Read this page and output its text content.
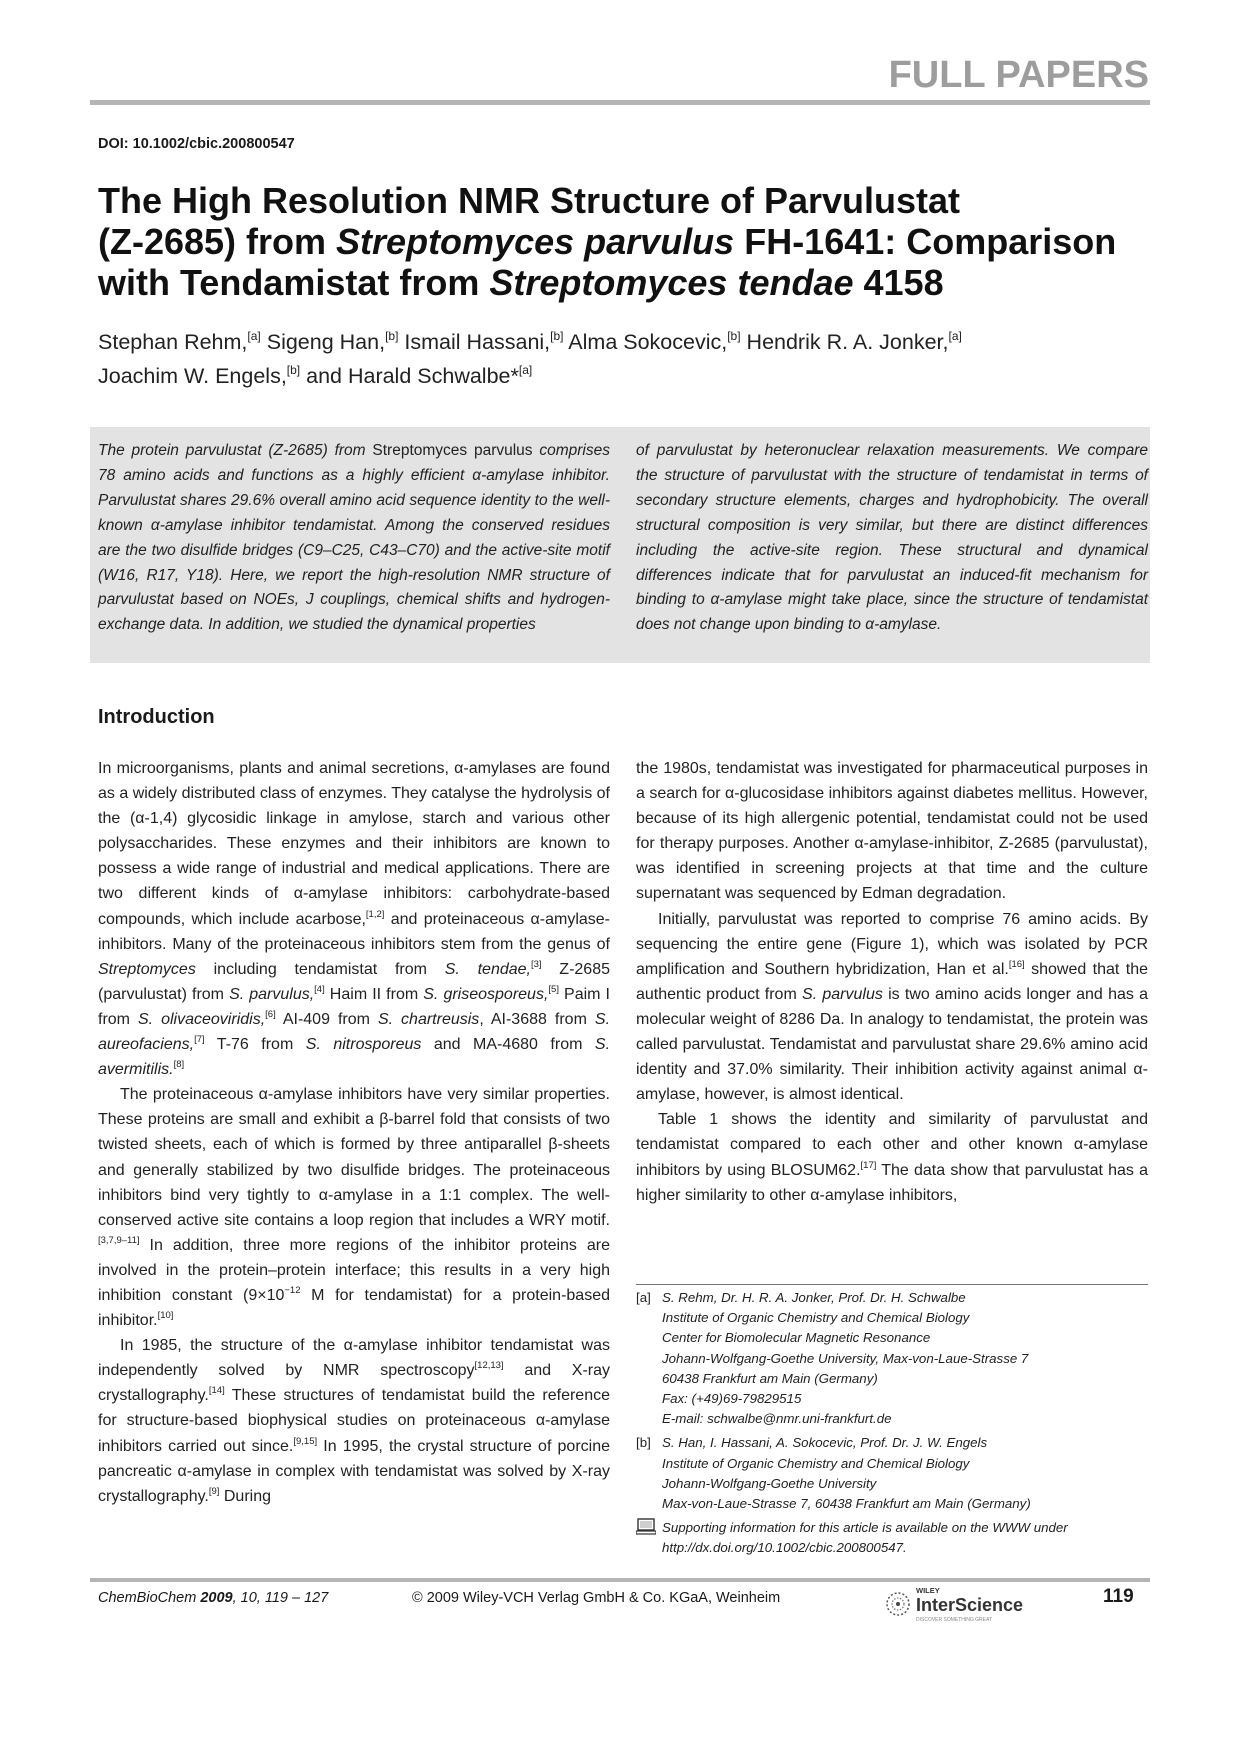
FULL PAPERS
DOI: 10.1002/cbic.200800547
The High Resolution NMR Structure of Parvulustat
(Z-2685) from Streptomyces parvulus FH-1641: Comparison
with Tendamistat from Streptomyces tendae 4158
Stephan Rehm,[a] Sigeng Han,[b] Ismail Hassani,[b] Alma Sokocevic,[b] Hendrik R. A. Jonker,[a]
Joachim W. Engels,[b] and Harald Schwalbe*[a]
The protein parvulustat (Z-2685) from Streptomyces parvulus comprises 78 amino acids and functions as a highly efficient α-amylase inhibitor. Parvulustat shares 29.6% overall amino acid sequence identity to the well-known α-amylase inhibitor tendamistat. Among the conserved residues are the two disulfide bridges (C9–C25, C43–C70) and the active-site motif (W16, R17, Y18). Here, we report the high-resolution NMR structure of parvulustat based on NOEs, J couplings, chemical shifts and hydrogen-exchange data. In addition, we studied the dynamical properties
of parvulustat by heteronuclear relaxation measurements. We compare the structure of parvulustat with the structure of tendamistat in terms of secondary structure elements, charges and hydrophobicity. The overall structural composition is very similar, but there are distinct differences including the active-site region. These structural and dynamical differences indicate that for parvulustat an induced-fit mechanism for binding to α-amylase might take place, since the structure of tendamistat does not change upon binding to α-amylase.
Introduction

In microorganisms, plants and animal secretions, α-amylases are found as a widely distributed class of enzymes. They catalyse the hydrolysis of the (α-1,4) glycosidic linkage in amylose, starch and various other polysaccharides. These enzymes and their inhibitors are known to possess a wide range of industrial and medical applications. There are two different kinds of α-amylase inhibitors: carbohydrate-based compounds, which include acarbose,[1,2] and proteinaceous α-amylase-inhibitors. Many of the proteinaceous inhibitors stem from the genus of Streptomyces including tendamistat from S. tendae,[3] Z-2685 (parvulustat) from S. parvulus,[4] Haim II from S. griseosporeus,[5] Paim I from S. olivaceoviridis,[6] AI-409 from S. chartreusis, AI-3688 from S. aureofaciens,[7] T-76 from S. nitrosporeus and MA-4680 from S. avermitilis.[8]

The proteinaceous α-amylase inhibitors have very similar properties. These proteins are small and exhibit a β-barrel fold that consists of two twisted sheets, each of which is formed by three antiparallel β-sheets and generally stabilized by two disulfide bridges. The proteinaceous inhibitors bind very tightly to α-amylase in a 1:1 complex. The well-conserved active site contains a loop region that includes a WRY motif.[3,7,9–11] In addition, three more regions of the inhibitor proteins are involved in the protein–protein interface; this results in a very high inhibition constant ($9\times 10^{-12}$ M for tendamistat) for a protein-based inhibitor.[10]

In 1985, the structure of the α-amylase inhibitor tendamistat was independently solved by NMR spectroscopy[12,13] and X-ray crystallography.[14] These structures of tendamistat build the reference for structure-based biophysical studies on proteinaceous α-amylase inhibitors carried out since.[9,15] In 1995, the crystal structure of porcine pancreatic α-amylase in complex with tendamistat was solved by X-ray crystallography.[9] During

the 1980s, tendamistat was investigated for pharmaceutical purposes in a search for α-glucosidase inhibitors against diabetes mellitus. However, because of its high allergenic potential, tendamistat could not be used for therapy purposes. Another α-amylase-inhibitor, Z-2685 (parvulustat), was identified in screening projects at that time and the culture supernatant was sequenced by Edman degradation.

Initially, parvulustat was reported to comprise 76 amino acids. By sequencing the entire gene (Figure 1), which was isolated by PCR amplification and Southern hybridization, Han et al.[16] showed that the authentic product from S. parvulus is two amino acids longer and has a molecular weight of 8286 Da. In analogy to tendamistat, the protein was called parvulustat. Tendamistat and parvulustat share 29.6% amino acid identity and 37.0% similarity. Their inhibition activity against animal α-amylase, however, is almost identical.

Table 1 shows the identity and similarity of parvulustat and tendamistat compared to each other and other known α-amylase inhibitors by using BLOSUM62.[17] The data show that parvulustat has a higher similarity to other α-amylase inhibitors,

[a] S. Rehm, Dr. H. R. A. Jonker, Prof. Dr. H. Schwalbe
Institute of Organic Chemistry and Chemical Biology
Center for Biomolecular Magnetic Resonance
Johann-Wolfgang-Goethe University, Max-von-Laue-Strasse 7
60438 Frankfurt am Main (Germany)
Fax: (+49)69-79829515
E-mail: schwalbe@nmr.uni-frankfurt.de
[b] S. Han, I. Hassani, A. Sokocevic, Prof. Dr. J. W. Engels
Institute of Organic Chemistry and Chemical Biology
Johann-Wolfgang-Goethe University
Max-von-Laue-Strasse 7, 60438 Frankfurt am Main (Germany)
Supporting information for this article is available on the WWW under
http://dx.doi.org/10.1002/cbic.200800547.
ChemBioChem 2009, 10, 119 – 127	© 2009 Wiley-VCH Verlag GmbH & Co. KGaA, Weinheim	WILEY
InterScience
DISCOVER SOMETHING GREAT
119
